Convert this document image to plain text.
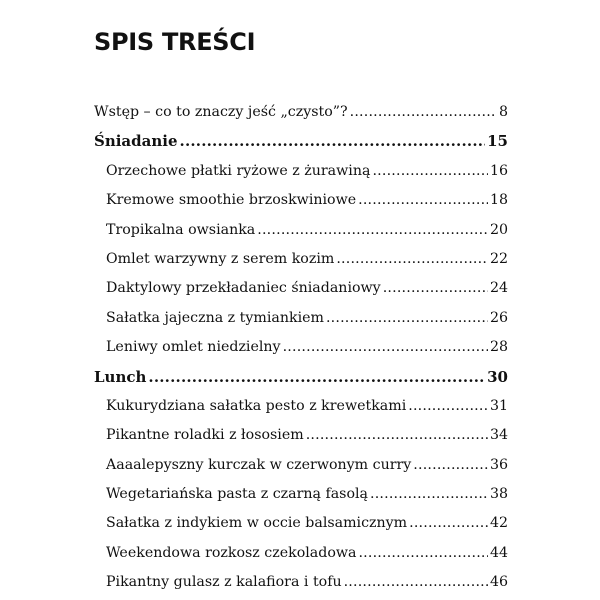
SPIS TREŚCI
Wstęp – co to znaczy jeść „czysto”? .....	8
Śniadanie .....	15
Orzechowe płatki ryżowe z żurawiną .....	16
Kremowe smoothie brzoskwiniowe .....	18
Tropikalna owsianka .....	20
Omlet warzywny z serem kozim .....	22
Daktylowy przekładaniec śniadaniowy .....	24
Sałatka jajeczna z tymiankiem .....	26
Leniwy omlet niedzielny .....	28
Lunch .....	30
Kukurydziana sałatka pesto z krewetkami .....	31
Pikantne roladki z łososiem .....	34
Aaaalepyszny kurczak w czerwonym curry .....	36
Wegetariańska pasta z czarną fasolą .....	38
Sałatka z indykiem w occie balsamicznym .....	42
Weekendowa rozkosz czekoladowa .....	44
Pikantny gulasz z kalafiora i tofu .....	46
